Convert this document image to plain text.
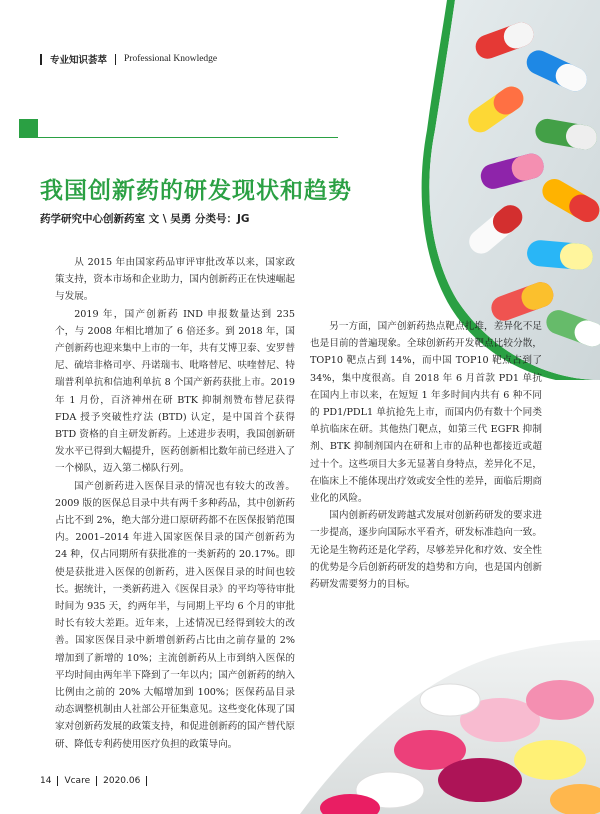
专业知识荟萃 Professional Knowledge
我国创新药的研发现状和趋势
药学研究中心创新药室 文 \ 吴勇 分类号：JG

从 2015 年由国家药品审评审批改革以来，国家政策支持，资本市场和企业助力，国内创新药正在快速崛起与发展。

2019 年，国产创新药 IND 申报数量达到 235 个，与 2008 年相比增加了 6 倍还多。到 2018 年，国产创新药也迎来集中上市的一年，共有艾博卫泰、安罗替尼、硫培非格司亭、丹诺瑞韦、吡咯替尼、呋喹替尼、特瑞普利单抗和信迪利单抗 8 个国产新药获批上市。2019 年 1 月份，百济神州在研 BTK 抑制剂赞布替尼获得 FDA 授予突破性疗法 (BTD) 认定，是中国首个获得 BTD 资格的自主研发新药。上述进步表明，我国创新研发水平已得到大幅提升，医药创新相比数年前已经进入了一个梯队，迈入第二梯队行列。

国产创新药进入医保目录的情况也有较大的改善。2009 版的医保总目录中共有两千多种药品，其中创新药占比不到 2%，绝大部分进口原研药都不在医保报销范围内。2001–2014 年进入国家医保目录的国产创新药为 24 种，仅占同期所有获批准的一类新药的 20.17%。即使是获批进入医保的创新药，进入医保目录的时间也较长。据统计，一类新药进入《医保目录》的平均等待审批时间为 935 天，约两年半，与同期上平均 6 个月的审批时长有较大差距。近年来，上述情况已经得到较大的改善。国家医保目录中新增创新药占比由之前存量的 2% 增加到了新增的 10%；主流创新药从上市到纳入医保的平均时间由两年半下降到了一年以内；国产创新药的纳入比例由之前的 20% 大幅增加到 100%；医保药品目录动态调整机制由人社部公开征集意见。这些变化体现了国家对创新药发展的政策支持，和促进创新药的国产替代原研、降低专利药使用医疗负担的政策导向。

另一方面，国产创新药热点靶点扎堆，差异化不足也是目前的普遍现象。全球创新药开发靶点比较分散，TOP10 靶点占到 14%，而中国 TOP10 靶点占到了 34%，集中度很高。自 2018 年 6 月首款 PD1 单抗在国内上市以来，在短短 1 年多时间内共有 6 种不同的 PD1/PDL1 单抗抢先上市，而国内仍有数十个同类单抗临床在研。其他热门靶点，如第三代 EGFR 抑制剂、BTK 抑制剂国内在研和上市的品种也都接近或超过十个。这些项目大多无显著自身特点，差异化不足，在临床上不能体现出疗效或安全性的差异，面临后期商业化的风险。

国内创新药研发跨越式发展对创新药研发的要求进一步提高，逐步向国际水平看齐，研发标准趋向一致。无论是生物药还是化学药，尽够差异化和疗效、安全性的优势是今后创新药研发的趋势和方向，也是国内创新药研发需要努力的目标。

14 Vcare 2020.06
